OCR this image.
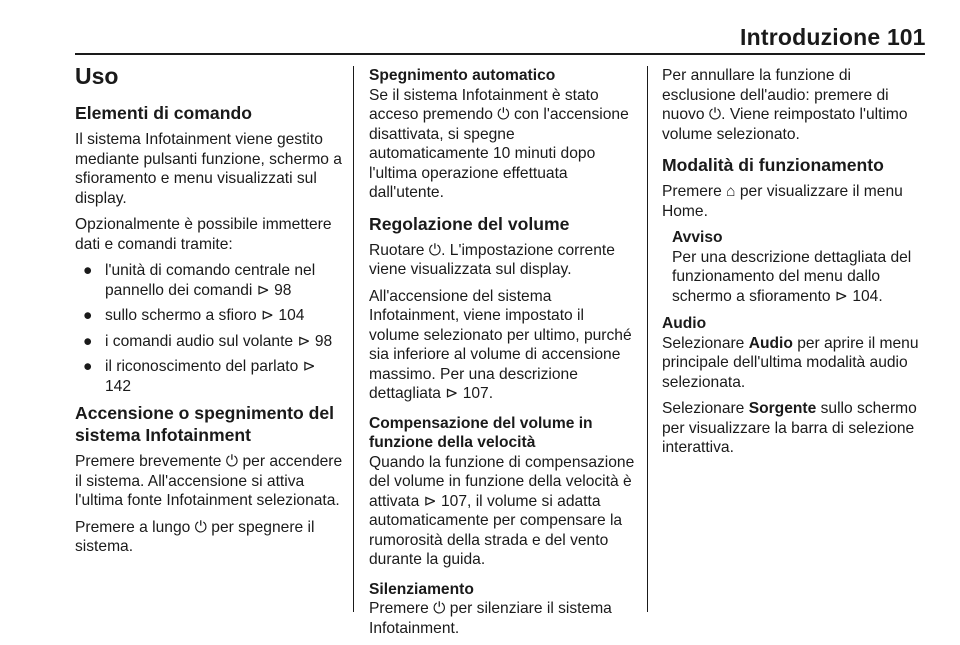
Introduzione 101
Uso
Elementi di comando

Il sistema Infotainment viene gestito mediante pulsanti funzione, schermo a sfioramento e menu visualizzati sul display.

Opzionalmente è possibile immettere dati e comandi tramite:

● l'unità di comando centrale nel pannello dei comandi ⊳ 98
● sullo schermo a sfioro ⊳ 104
● i comandi audio sul volante ⊳ 98
● il riconoscimento del parlato ⊳ 142
Accensione o spegnimento del sistema Infotainment

Premere brevemente ⏻ per accendere il sistema. All'accensione si attiva l'ultima fonte Infotainment selezionata.

Premere a lungo ⏻ per spegnere il sistema.

Spegnimento automatico

Se il sistema Infotainment è stato acceso premendo ⏻ con l'accensione disattivata, si spegne automaticamente 10 minuti dopo l'ultima operazione effettuata dall'utente.

Regolazione del volume

Ruotare ⏻. L'impostazione corrente viene visualizzata sul display.

All'accensione del sistema Infotainment, viene impostato il volume selezionato per ultimo, purché sia inferiore al volume di accensione massimo. Per una descrizione dettagliata ⊳ 107.

Compensazione del volume in funzione della velocità

Quando la funzione di compensazione del volume in funzione della velocità è attivata ⊳ 107, il volume si adatta automaticamente per compensare la rumorosità della strada e del vento durante la guida.

Silenziamento

Premere ⏻ per silenziare il sistema Infotainment.

Per annullare la funzione di esclusione dell'audio: premere di nuovo ⏻. Viene reimpostato l'ultimo volume selezionato.

Modalità di funzionamento

Premere ⌂ per visualizzare il menu Home.

Avviso
Per una descrizione dettagliata del funzionamento del menu dallo schermo a sfioramento ⊳ 104.
Audio

Selezionare Audio per aprire il menu principale dell'ultima modalità audio selezionata.

Selezionare Sorgente sullo schermo per visualizzare la barra di selezione interattiva.
